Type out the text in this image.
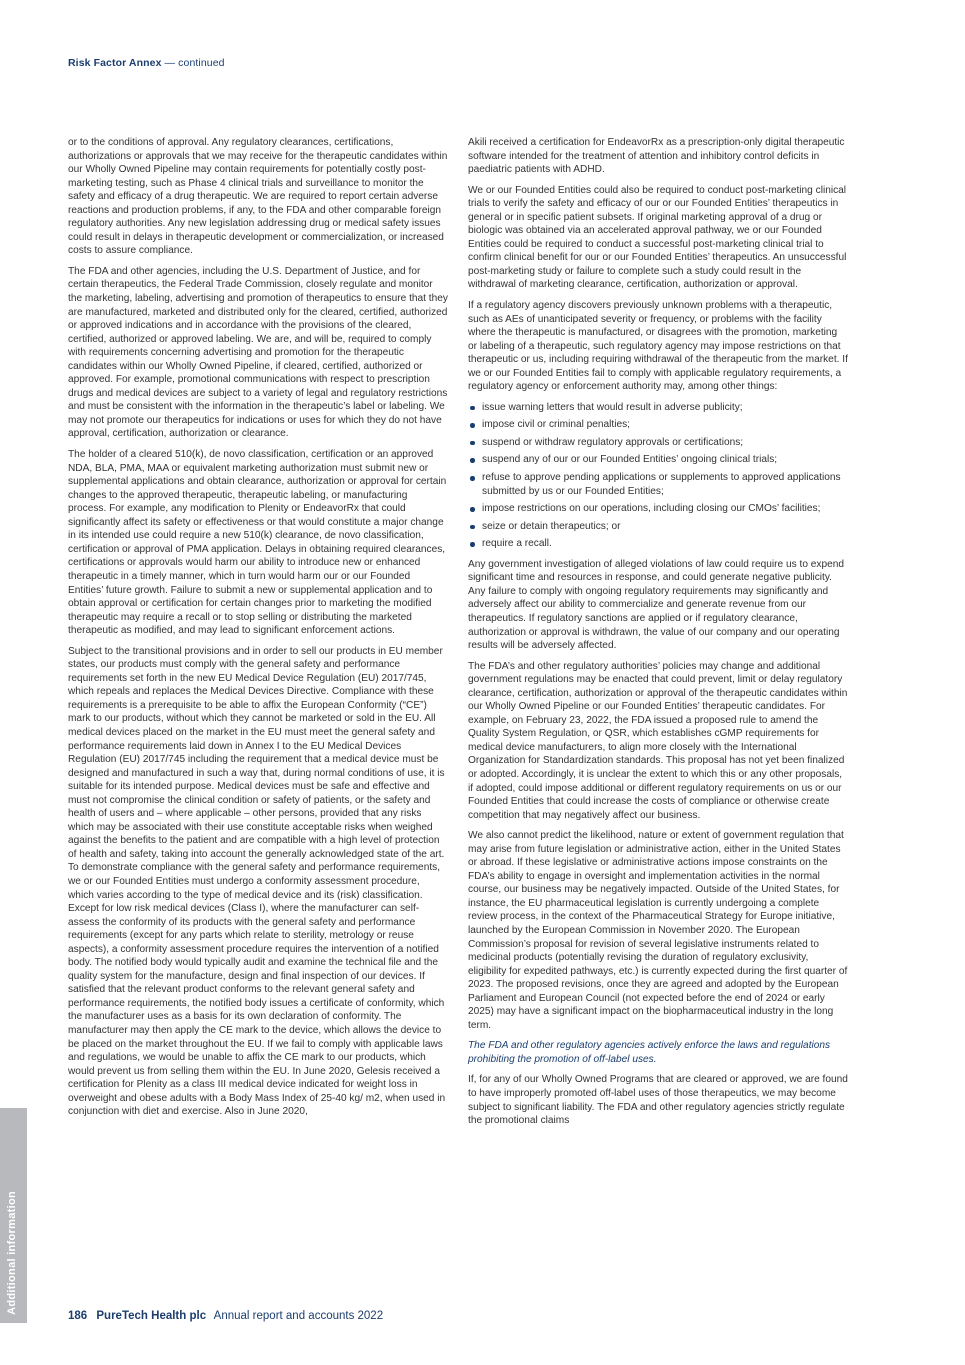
Risk Factor Annex — continued

or to the conditions of approval. Any regulatory clearances, certifications, authorizations or approvals that we may receive for the therapeutic candidates within our Wholly Owned Pipeline may contain requirements for potentially costly post-marketing testing, such as Phase 4 clinical trials and surveillance to monitor the safety and efficacy of a drug therapeutic. We are required to report certain adverse reactions and production problems, if any, to the FDA and other comparable foreign regulatory authorities. Any new legislation addressing drug or medical safety issues could result in delays in therapeutic development or commercialization, or increased costs to assure compliance.

The FDA and other agencies, including the U.S. Department of Justice, and for certain therapeutics, the Federal Trade Commission, closely regulate and monitor the marketing, labeling, advertising and promotion of therapeutics to ensure that they are manufactured, marketed and distributed only for the cleared, certified, authorized or approved indications and in accordance with the provisions of the cleared, certified, authorized or approved labeling. We are, and will be, required to comply with requirements concerning advertising and promotion for the therapeutic candidates within our Wholly Owned Pipeline, if cleared, certified, authorized or approved. For example, promotional communications with respect to prescription drugs and medical devices are subject to a variety of legal and regulatory restrictions and must be consistent with the information in the therapeutic’s label or labeling. We may not promote our therapeutics for indications or uses for which they do not have approval, certification, authorization or clearance.

The holder of a cleared 510(k), de novo classification, certification or an approved NDA, BLA, PMA, MAA or equivalent marketing authorization must submit new or supplemental applications and obtain clearance, authorization or approval for certain changes to the approved therapeutic, therapeutic labeling, or manufacturing process. For example, any modification to Plenity or EndeavorRx that could significantly affect its safety or effectiveness or that would constitute a major change in its intended use could require a new 510(k) clearance, de novo classification, certification or approval of PMA application. Delays in obtaining required clearances, certifications or approvals would harm our ability to introduce new or enhanced therapeutic in a timely manner, which in turn would harm our or our Founded Entities’ future growth. Failure to submit a new or supplemental application and to obtain approval or certification for certain changes prior to marketing the modified therapeutic may require a recall or to stop selling or distributing the marketed therapeutic as modified, and may lead to significant enforcement actions.

Subject to the transitional provisions and in order to sell our products in EU member states, our products must comply with the general safety and performance requirements set forth in the new EU Medical Device Regulation (EU) 2017/745, which repeals and replaces the Medical Devices Directive. Compliance with these requirements is a prerequisite to be able to affix the European Conformity (“CE”) mark to our products, without which they cannot be marketed or sold in the EU. All medical devices placed on the market in the EU must meet the general safety and performance requirements laid down in Annex I to the EU Medical Devices Regulation (EU) 2017/745 including the requirement that a medical device must be designed and manufactured in such a way that, during normal conditions of use, it is suitable for its intended purpose. Medical devices must be safe and effective and must not compromise the clinical condition or safety of patients, or the safety and health of users and – where applicable – other persons, provided that any risks which may be associated with their use constitute acceptable risks when weighed against the benefits to the patient and are compatible with a high level of protection of health and safety, taking into account the generally acknowledged state of the art. To demonstrate compliance with the general safety and performance requirements, we or our Founded Entities must undergo a conformity assessment procedure, which varies according to the type of medical device and its (risk) classification. Except for low risk medical devices (Class I), where the manufacturer can self-assess the conformity of its products with the general safety and performance requirements (except for any parts which relate to sterility, metrology or reuse aspects), a conformity assessment procedure requires the intervention of a notified body. The notified body would typically audit and examine the technical file and the quality system for the manufacture, design and final inspection of our devices. If satisfied that the relevant product conforms to the relevant general safety and performance requirements, the notified body issues a certificate of conformity, which the manufacturer uses as a basis for its own declaration of conformity. The manufacturer may then apply the CE mark to the device, which allows the device to be placed on the market throughout the EU. If we fail to comply with applicable laws and regulations, we would be unable to affix the CE mark to our products, which would prevent us from selling them within the EU. In June 2020, Gelesis received a certification for Plenity as a class III medical device indicated for weight loss in overweight and obese adults with a Body Mass Index of 25-40 kg/ m2, when used in conjunction with diet and exercise. Also in June 2020,

Akili received a certification for EndeavorRx as a prescription-only digital therapeutic software intended for the treatment of attention and inhibitory control deficits in paediatric patients with ADHD.

We or our Founded Entities could also be required to conduct post-marketing clinical trials to verify the safety and efficacy of our or our Founded Entities’ therapeutics in general or in specific patient subsets. If original marketing approval of a drug or biologic was obtained via an accelerated approval pathway, we or our Founded Entities could be required to conduct a successful post-marketing clinical trial to confirm clinical benefit for our or our Founded Entities’ therapeutics. An unsuccessful post-marketing study or failure to complete such a study could result in the withdrawal of marketing clearance, certification, authorization or approval.

If a regulatory agency discovers previously unknown problems with a therapeutic, such as AEs of unanticipated severity or frequency, or problems with the facility where the therapeutic is manufactured, or disagrees with the promotion, marketing or labeling of a therapeutic, such regulatory agency may impose restrictions on that therapeutic or us, including requiring withdrawal of the therapeutic from the market. If we or our Founded Entities fail to comply with applicable regulatory requirements, a regulatory agency or enforcement authority may, among other things:

issue warning letters that would result in adverse publicity;
impose civil or criminal penalties;
suspend or withdraw regulatory approvals or certifications;
suspend any of our or our Founded Entities’ ongoing clinical trials;
refuse to approve pending applications or supplements to approved applications submitted by us or our Founded Entities;
impose restrictions on our operations, including closing our CMOs’ facilities;
seize or detain therapeutics; or
require a recall.

Any government investigation of alleged violations of law could require us to expend significant time and resources in response, and could generate negative publicity. Any failure to comply with ongoing regulatory requirements may significantly and adversely affect our ability to commercialize and generate revenue from our therapeutics. If regulatory sanctions are applied or if regulatory clearance, authorization or approval is withdrawn, the value of our company and our operating results will be adversely affected.

The FDA’s and other regulatory authorities’ policies may change and additional government regulations may be enacted that could prevent, limit or delay regulatory clearance, certification, authorization or approval of the therapeutic candidates within our Wholly Owned Pipeline or our Founded Entities’ therapeutic candidates. For example, on February 23, 2022, the FDA issued a proposed rule to amend the Quality System Regulation, or QSR, which establishes cGMP requirements for medical device manufacturers, to align more closely with the International Organization for Standardization standards. This proposal has not yet been finalized or adopted. Accordingly, it is unclear the extent to which this or any other proposals, if adopted, could impose additional or different regulatory requirements on us or our Founded Entities that could increase the costs of compliance or otherwise create competition that may negatively affect our business.

We also cannot predict the likelihood, nature or extent of government regulation that may arise from future legislation or administrative action, either in the United States or abroad. If these legislative or administrative actions impose constraints on the FDA’s ability to engage in oversight and implementation activities in the normal course, our business may be negatively impacted. Outside of the United States, for instance, the EU pharmaceutical legislation is currently undergoing a complete review process, in the context of the Pharmaceutical Strategy for Europe initiative, launched by the European Commission in November 2020. The European Commission’s proposal for revision of several legislative instruments related to medicinal products (potentially revising the duration of regulatory exclusivity, eligibility for expedited pathways, etc.) is currently expected during the first quarter of 2023. The proposed revisions, once they are agreed and adopted by the European Parliament and European Council (not expected before the end of 2024 or early 2025) may have a significant impact on the biopharmaceutical industry in the long term.

The FDA and other regulatory agencies actively enforce the laws and regulations prohibiting the promotion of off-label uses.

If, for any of our Wholly Owned Programs that are cleared or approved, we are found to have improperly promoted off-label uses of those therapeutics, we may become subject to significant liability. The FDA and other regulatory agencies strictly regulate the promotional claims

Additional information
186 PureTech Health plc Annual report and accounts 2022
